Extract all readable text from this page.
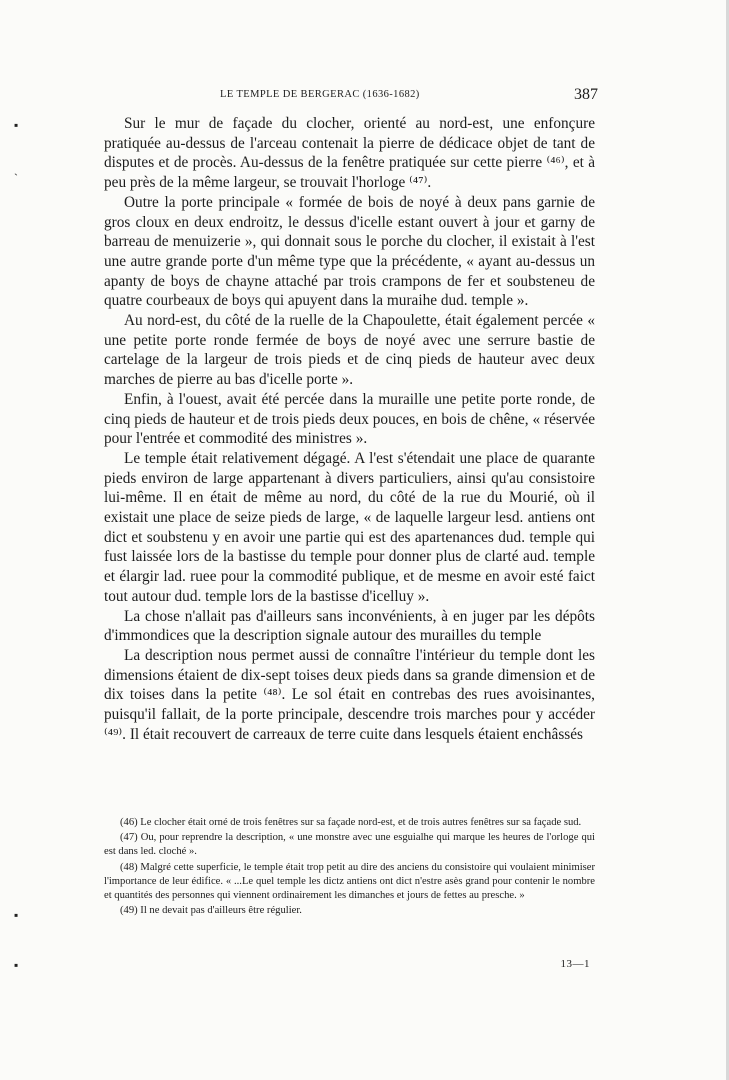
▪
ˎ
▪
▪
LE TEMPLE DE BERGERAC (1636-1682)	387

Sur le mur de façade du clocher, orienté au nord-est, une enfonçure pratiquée au-dessus de l'arceau contenait la pierre de dédicace objet de tant de disputes et de procès. Au-dessus de la fenêtre pratiquée sur cette pierre ⁽⁴⁶⁾, et à peu près de la même largeur, se trouvait l'horloge ⁽⁴⁷⁾.

Outre la porte principale « formée de bois de noyé à deux pans garnie de gros cloux en deux endroitz, le dessus d'icelle estant ouvert à jour et garny de barreau de menuizerie », qui donnait sous le porche du clocher, il existait à l'est une autre grande porte d'un même type que la précédente, « ayant au-dessus un apanty de boys de chayne attaché par trois crampons de fer et soubsteneu de quatre courbeaux de boys qui apuyent dans la muraihe dud. temple ».

Au nord-est, du côté de la ruelle de la Chapoulette, était également percée « une petite porte ronde fermée de boys de noyé avec une serrure bastie de cartelage de la largeur de trois pieds et de cinq pieds de hauteur avec deux marches de pierre au bas d'icelle porte ».

Enfin, à l'ouest, avait été percée dans la muraille une petite porte ronde, de cinq pieds de hauteur et de trois pieds deux pouces, en bois de chêne, « réservée pour l'entrée et commodité des ministres ».

Le temple était relativement dégagé. A l'est s'étendait une place de quarante pieds environ de large appartenant à divers particuliers, ainsi qu'au consistoire lui-même. Il en était de même au nord, du côté de la rue du Mourié, où il existait une place de seize pieds de large, « de laquelle largeur lesd. antiens ont dict et soubstenu y en avoir une partie qui est des apartenances dud. temple qui fust laissée lors de la bastisse du temple pour donner plus de clarté aud. temple et élargir lad. ruee pour la commodité publique, et de mesme en avoir esté faict tout autour dud. temple lors de la bastisse d'icelluy ».

La chose n'allait pas d'ailleurs sans inconvénients, à en juger par les dépôts d'immondices que la description signale autour des murailles du temple

La description nous permet aussi de connaître l'intérieur du temple dont les dimensions étaient de dix-sept toises deux pieds dans sa grande dimension et de dix toises dans la petite ⁽⁴⁸⁾. Le sol était en contrebas des rues avoisinantes, puisqu'il fallait, de la porte principale, descendre trois marches pour y accéder ⁽⁴⁹⁾. Il était recouvert de carreaux de terre cuite dans lesquels étaient enchâssés

(46) Le clocher était orné de trois fenêtres sur sa façade nord-est, et de trois autres fenêtres sur sa façade sud.

(47) Ou, pour reprendre la description, « une monstre avec une esguialhe qui marque les heures de l'orloge qui est dans led. cloché ».

(48) Malgré cette superficie, le temple était trop petit au dire des anciens du consistoire qui voulaient minimiser l'importance de leur édifice. « ...Le quel temple les dictz antiens ont dict n'estre asès grand pour contenir le nombre et quantités des personnes qui viennent ordinairement les dimanches et jours de fettes au presche. »

(49) Il ne devait pas d'ailleurs être régulier.

13—1
